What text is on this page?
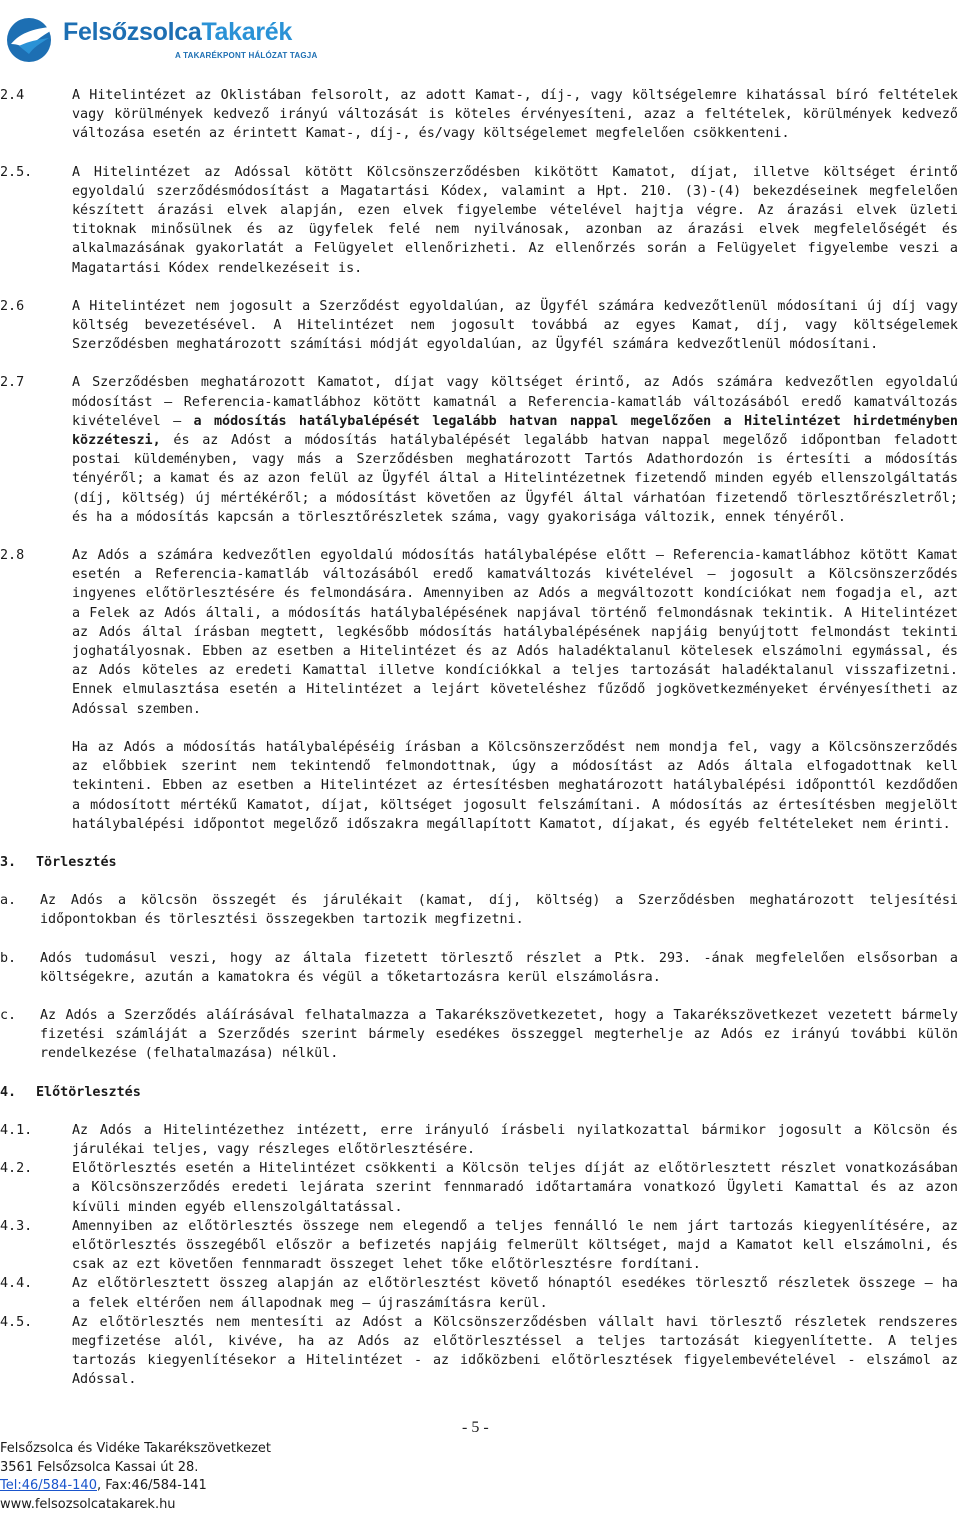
FelsőzsolcaTakarék
A TAKARÉKPONT HÁLÓZAT TAGJA
2.4	A Hitelintézet az Oklistában felsorolt, az adott Kamat-, díj-, vagy költségelemre kihatással bíró feltételek vagy körülmények kedvező irányú változását is köteles érvényesíteni, azaz a feltételek, körülmények kedvező változása esetén az érintett Kamat-, díj-, és/vagy költségelemet megfelelően csökkenteni.
2.5.	A Hitelintézet az Adóssal kötött Kölcsönszerződésben kikötött Kamatot, díjat, illetve költséget érintő egyoldalú szerződésmódosítást a Magatartási Kódex, valamint a Hpt. 210. (3)-(4) bekezdéseinek megfelelően készített árazási elvek alapján, ezen elvek figyelembe vételével hajtja végre. Az árazási elvek üzleti titoknak minősülnek és az ügyfelek felé nem nyilvánosak, azonban az árazási elvek megfelelőségét és alkalmazásának gyakorlatát a Felügyelet ellenőrizheti. Az ellenőrzés során a Felügyelet figyelembe veszi a Magatartási Kódex rendelkezéseit is.
2.6	A Hitelintézet nem jogosult a Szerződést egyoldalúan, az Ügyfél számára kedvezőtlenül módosítani új díj vagy költség bevezetésével. A Hitelintézet nem jogosult továbbá az egyes Kamat, díj, vagy költségelemek Szerződésben meghatározott számítási módját egyoldalúan, az Ügyfél számára kedvezőtlenül módosítani.
2.7	A Szerződésben meghatározott Kamatot, díjat vagy költséget érintő, az Adós számára kedvezőtlen egyoldalú módosítást – Referencia-kamatlábhoz kötött kamatnál a Referencia-kamatláb változásából eredő kamatváltozás kivételével – a módosítás hatálybalépését legalább hatvan nappal megelőzően a Hitelintézet hirdetményben közzéteszi, és az Adóst a módosítás hatálybalépését legalább hatvan nappal megelőző időpontban feladott postai küldeményben, vagy más a Szerződésben meghatározott Tartós Adathordozón is értesíti a módosítás tényéről; a kamat és az azon felül az Ügyfél által a Hitelintézetnek fizetendő minden egyéb ellenszolgáltatás (díj, költség) új mértékéről; a módosítást követően az Ügyfél által várhatóan fizetendő törlesztőrészletről; és ha a módosítás kapcsán a törlesztőrészletek száma, vagy gyakorisága változik, ennek tényéről.
2.8	Az Adós a számára kedvezőtlen egyoldalú módosítás hatálybalépése előtt – Referencia-kamatlábhoz kötött Kamat esetén a Referencia-kamatláb változásából eredő kamatváltozás kivételével – jogosult a Kölcsönszerződés ingyenes előtörlesztésére és felmondására. Amennyiben az Adós a megváltozott kondíciókat nem fogadja el, azt a Felek az Adós általi, a módosítás hatálybalépésének napjával történő felmondásnak tekintik. A Hitelintézet az Adós által írásban megtett, legkésőbb módosítás hatálybalépésének napjáig benyújtott felmondást tekinti joghatályosnak. Ebben az esetben a Hitelintézet és az Adós haladéktalanul kötelesek elszámolni egymással, és az Adós köteles az eredeti Kamattal illetve kondíciókkal a teljes tartozását haladéktalanul visszafizetni. Ennek elmulasztása esetén a Hitelintézet a lejárt követeléshez fűződő jogkövetkezményeket érvényesítheti az Adóssal szemben.
Ha az Adós a módosítás hatálybalépéséig írásban a Kölcsönszerződést nem mondja fel, vagy a Kölcsönszerződés az előbbiek szerint nem tekintendő felmondottnak, úgy a módosítást az Adós általa elfogadottnak kell tekinteni. Ebben az esetben a Hitelintézet az értesítésben meghatározott hatálybalépési időponttól kezdődően a módosított mértékű Kamatot, díjat, költséget jogosult felszámítani. A módosítás az értesítésben megjelölt hatálybalépési időpontot megelőző időszakra megállapított Kamatot, díjakat, és egyéb feltételeket nem érinti.
3. Törlesztés
a. Az Adós a kölcsön összegét és járulékait (kamat, díj, költség) a Szerződésben meghatározott teljesítési időpontokban és törlesztési összegekben tartozik megfizetni.
b. Adós tudomásul veszi, hogy az általa fizetett törlesztő részlet a Ptk. 293. -ának megfelelően elsősorban a költségekre, azután a kamatokra és végül a tőketartozásra kerül elszámolásra.
c. Az Adós a Szerződés aláírásával felhatalmazza a Takarékszövetkezetet, hogy a Takarékszövetkezet vezetett bármely fizetési számláját a Szerződés szerint bármely esedékes összeggel megterhelje az Adós ez irányú további külön rendelkezése (felhatalmazása) nélkül.
4. Előtörlesztés
4.1.	Az Adós a Hitelintézethez intézett, erre irányuló írásbeli nyilatkozattal bármikor jogosult a Kölcsön és járulékai teljes, vagy részleges előtörlesztésére.
4.2.	Előtörlesztés esetén a Hitelintézet csökkenti a Kölcsön teljes díját az előtörlesztett részlet vonatkozásában a Kölcsönszerződés eredeti lejárata szerint fennmaradó időtartamára vonatkozó Ügyleti Kamattal és az azon kívüli minden egyéb ellenszolgáltatással.
4.3.	Amennyiben az előtörlesztés összege nem elegendő a teljes fennálló le nem járt tartozás kiegyenlítésére, az előtörlesztés összegéből először a befizetés napjáig felmerült költséget, majd a Kamatot kell elszámolni, és csak az ezt követően fennmaradt összeget lehet tőke előtörlesztésre fordítani.
4.4.	Az előtörlesztett összeg alapján az előtörlesztést követő hónaptól esedékes törlesztő részletek összege – ha a felek eltérően nem állapodnak meg – újraszámításra kerül.
4.5.	Az előtörlesztés nem mentesíti az Adóst a Kölcsönszerződésben vállalt havi törlesztő részletek rendszeres megfizetése alól, kivéve, ha az Adós az előtörlesztéssel a teljes tartozását kiegyenlítette. A teljes tartozás kiegyenlítésekor a Hitelintézet - az időközbeni előtörlesztések figyelembevételével - elszámol az Adóssal.
- 5 -
Felsőzsolca és Vidéke Takarékszövetkezet
3561 Felsőzsolca Kassai út 28.
Tel:46/584-140, Fax:46/584-141
www.felsozsolcatakarek.hu
